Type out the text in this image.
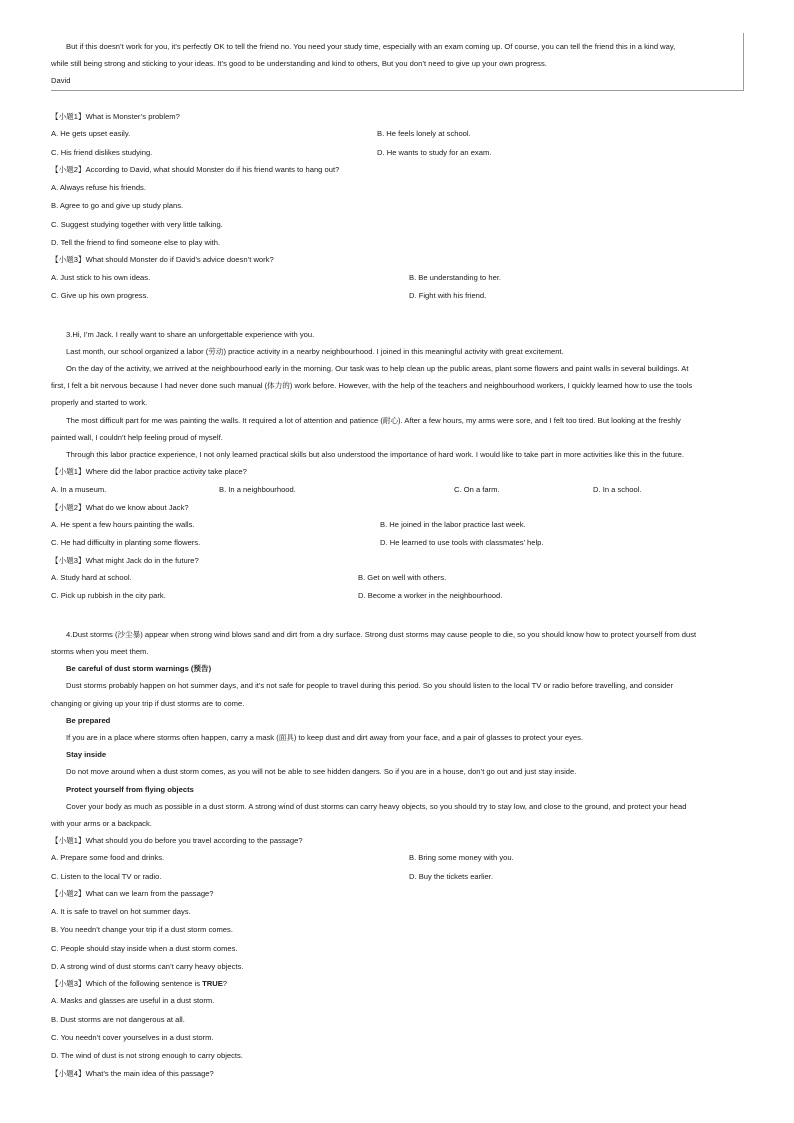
But if this doesn’t work for you, it’s perfectly OK to tell the friend no. You need your study time, especially with an exam coming up. Of course, you can tell the friend this in a kind way,
while still being strong and sticking to your ideas. It’s good to be understanding and kind to others, But you don’t need to give up your own progress.
David
【小题1】What is Monster’s problem?
A. He gets upset easily.	B. He feels lonely at school.
C. His friend dislikes studying.	D. He wants to study for an exam.
【小题2】According to David, what should Monster do if his friend wants to hang out?
A. Always refuse his friends.
B. Agree to go and give up study plans.
C. Suggest studying together with very little talking.
D. Tell the friend to find someone else to play with.
【小题3】What should Monster do if David’s advice doesn’t work?
A. Just stick to his own ideas.	B. Be understanding to her.
C. Give up his own progress.	D. Fight with his friend.
3.Hi, I’m Jack. I really want to share an unforgettable experience with you.
Last month, our school organized a labor (劳动) practice activity in a nearby neighbourhood. I joined in this meaningful activity with great excitement.
On the day of the activity, we arrived at the neighbourhood early in the morning. Our task was to help clean up the public areas, plant some flowers and paint walls in several buildings. At
first, I felt a bit nervous because I had never done such manual (体力的) work before. However, with the help of the teachers and neighbourhood workers, I quickly learned how to use the tools
properly and started to work.
The most difficult part for me was painting the walls. It required a lot of attention and patience (耐心). After a few hours, my arms were sore, and I felt too tired. But looking at the freshly
painted wall, I couldn’t help feeling proud of myself.
Through this labor practice experience, I not only learned practical skills but also understood the importance of hard work. I would like to take part in more activities like this in the future.
【小题1】Where did the labor practice activity take place?
A. In a museum.	B. In a neighbourhood.	C. On a farm.	D. In a school.
【小题2】What do we know about Jack?
A. He spent a few hours painting the walls.	B. He joined in the labor practice last week.
C. He had difficulty in planting some flowers.	D. He learned to use tools with classmates’ help.
【小题3】What might Jack do in the future?
A. Study hard at school.	B. Get on well with others.
C. Pick up rubbish in the city park.	D. Become a worker in the neighbourhood.
4.Dust storms (沙尘暴) appear when strong wind blows sand and dirt from a dry surface. Strong dust storms may cause people to die, so you should know how to protect yourself from dust
storms when you meet them.
Be careful of dust storm warnings (预告)
Dust storms probably happen on hot summer days, and it's not safe for people to travel during this period. So you should listen to the local TV or radio before travelling, and consider
changing or giving up your trip if dust storms are to come.
Be prepared
If you are in a place where storms often happen, carry a mask (面具) to keep dust and dirt away from your face, and a pair of glasses to protect your eyes.
Stay inside
Do not move around when a dust storm comes, as you will not be able to see hidden dangers. So if you are in a house, don’t go out and just stay inside.
Protect yourself from flying objects
Cover your body as much as possible in a dust storm. A strong wind of dust storms can carry heavy objects, so you should try to stay low, and close to the ground, and protect your head
with your arms or a backpack.
【小题1】What should you do before you travel according to the passage?
A. Prepare some food and drinks.	B. Bring some money with you.
C. Listen to the local TV or radio.	D. Buy the tickets earlier.
【小题2】What can we learn from the passage?
A. It is safe to travel on hot summer days.
B. You needn’t change your trip if a dust storm comes.
C. People should stay inside when a dust storm comes.
D. A strong wind of dust storms can’t carry heavy objects.
【小题3】Which of the following sentence is TRUE?
A. Masks and glasses are useful in a dust storm.
B. Dust storms are not dangerous at all.
C. You needn’t cover yourselves in a dust storm.
D. The wind of dust is not strong enough to carry objects.
【小题4】What’s the main idea of this passage?
